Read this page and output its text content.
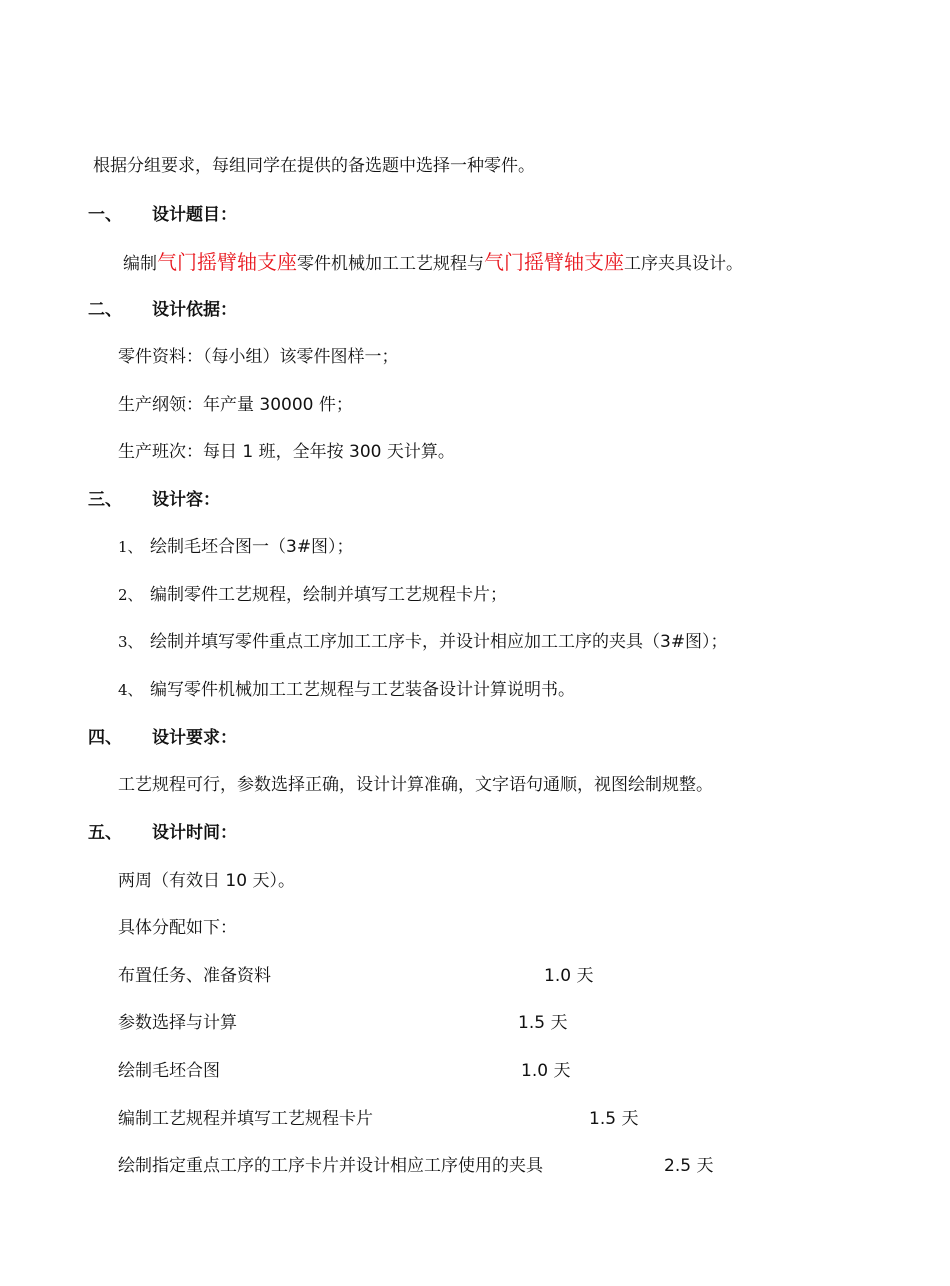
根据分组要求，每组同学在提供的备选题中选择一种零件。
一、 设计题目：
编制气门摇臂轴支座零件机械加工工艺规程与气门摇臂轴支座工序夹具设计。
二、 设计依据：
零件资料：（每小组）该零件图样一；
生产纲领：年产量 30000 件；
生产班次：每日 1 班，全年按 300 天计算。
三、 设计容：
1、 绘制毛坯合图一（3#图）；
2、 编制零件工艺规程，绘制并填写工艺规程卡片；
3、 绘制并填写零件重点工序加工工序卡，并设计相应加工工序的夹具（3#图）；
4、 编写零件机械加工工艺规程与工艺装备设计计算说明书。
四、 设计要求：
工艺规程可行，参数选择正确，设计计算准确，文字语句通顺，视图绘制规整。
五、 设计时间：
两周（有效日 10 天）。
具体分配如下：
布置任务、准备资料	1.0 天
参数选择与计算	1.5 天
绘制毛坯合图	1.0 天
编制工艺规程并填写工艺规程卡片	1.5 天
绘制指定重点工序的工序卡片并设计相应工序使用的夹具	2.5 天
